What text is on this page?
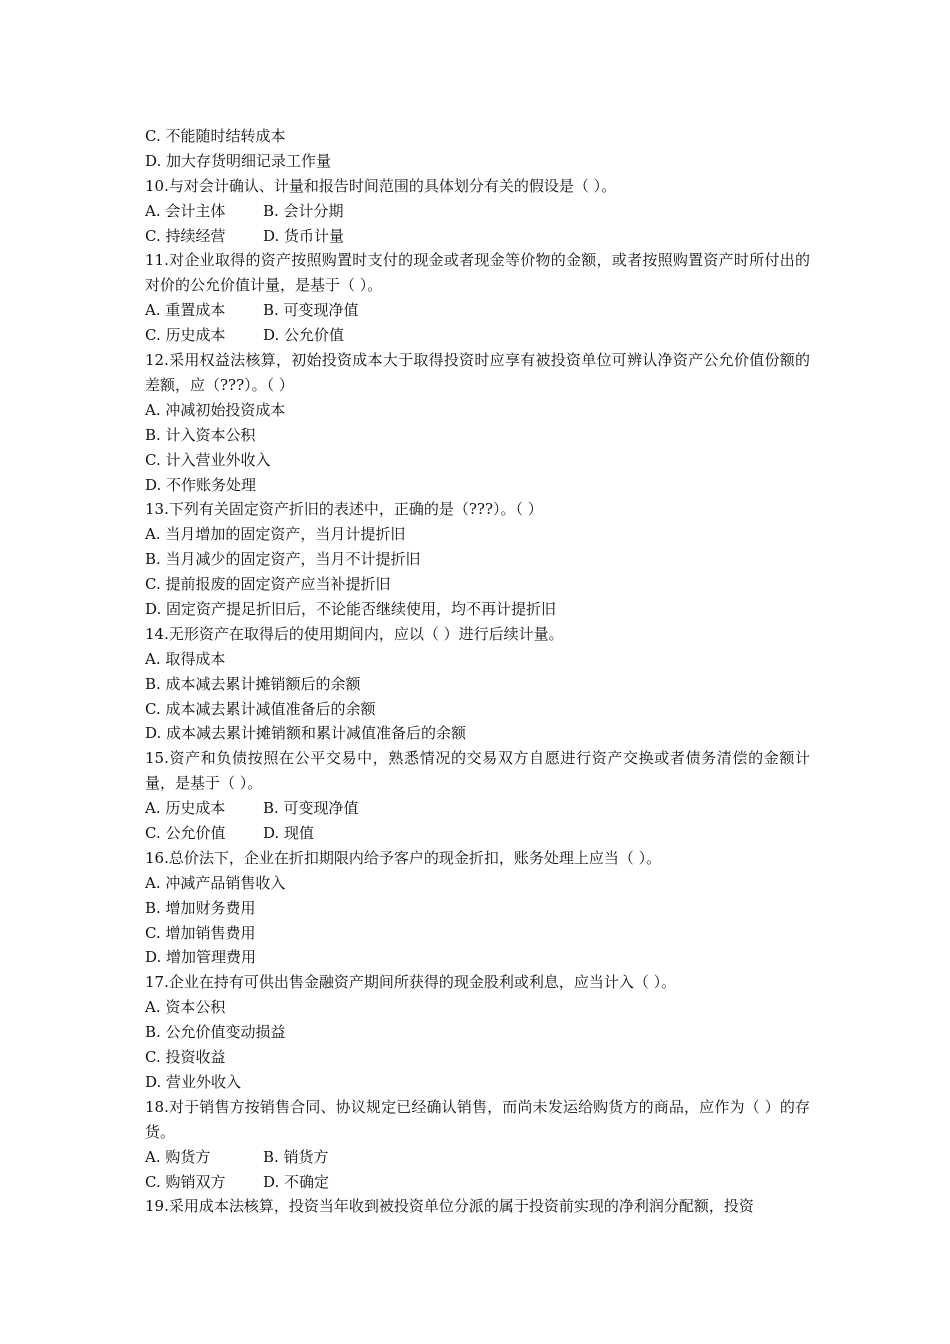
C. 不能随时结转成本
D. 加大存货明细记录工作量
10.与对会计确认、计量和报告时间范围的具体划分有关的假设是（ ）。
A. 会计主体	B. 会计分期
C. 持续经营	D. 货币计量
11.对企业取得的资产按照购置时支付的现金或者现金等价物的金额，或者按照购置资产时所付出的对价的公允价值计量，是基于（ ）。
A. 重置成本	B. 可变现净值
C. 历史成本	D. 公允价值
12.采用权益法核算，初始投资成本大于取得投资时应享有被投资单位可辨认净资产公允价值份额的差额，应（???）。（ ）
A. 冲减初始投资成本
B. 计入资本公积
C. 计入营业外收入
D. 不作账务处理
13.下列有关固定资产折旧的表述中，正确的是（???）。（ ）
A. 当月增加的固定资产，当月计提折旧
B. 当月减少的固定资产，当月不计提折旧
C. 提前报废的固定资产应当补提折旧
D. 固定资产提足折旧后，不论能否继续使用，均不再计提折旧
14.无形资产在取得后的使用期间内，应以（ ）进行后续计量。
A. 取得成本
B. 成本减去累计摊销额后的余额
C. 成本减去累计减值准备后的余额
D. 成本减去累计摊销额和累计减值准备后的余额
15.资产和负债按照在公平交易中，熟悉情况的交易双方自愿进行资产交换或者债务清偿的金额计量，是基于（ ）。
A. 历史成本	B. 可变现净值
C. 公允价值	D. 现值
16.总价法下，企业在折扣期限内给予客户的现金折扣，账务处理上应当（ ）。
A. 冲减产品销售收入
B. 增加财务费用
C. 增加销售费用
D. 增加管理费用
17.企业在持有可供出售金融资产期间所获得的现金股利或利息，应当计入（ ）。
A. 资本公积
B. 公允价值变动损益
C. 投资收益
D. 营业外收入
18.对于销售方按销售合同、协议规定已经确认销售，而尚未发运给购货方的商品，应作为（ ）的存货。
A. 购货方	B. 销货方
C. 购销双方	D. 不确定
19.采用成本法核算，投资当年收到被投资单位分派的属于投资前实现的净利润分配额，投资
